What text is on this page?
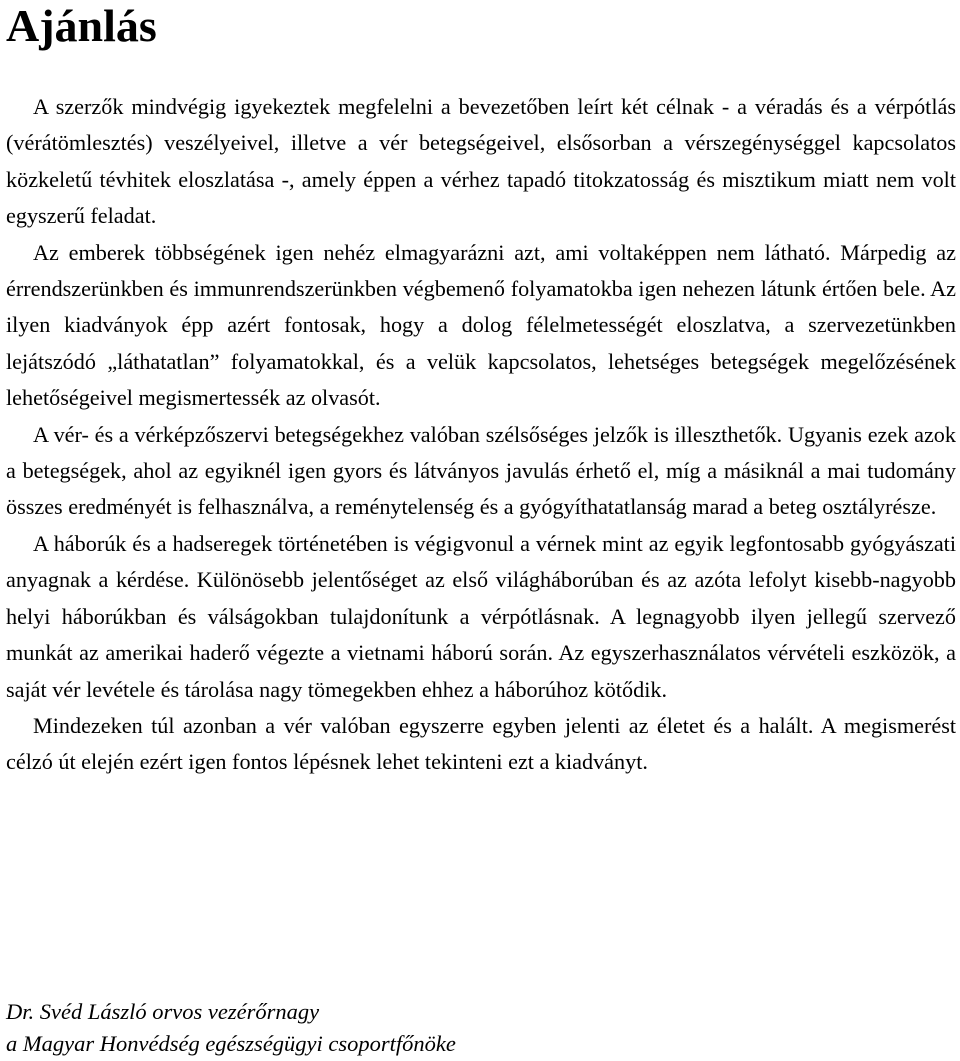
Ajánlás

A szerzők mindvégig igyekeztek megfelelni a bevezetőben leírt két célnak - a véradás és a vérpótlás (vérátömlesztés) veszélyeivel, illetve a vér betegségeivel, elsősorban a vérszegénységgel kapcsolatos közkeletű tévhitek eloszlatása -, amely éppen a vérhez tapadó titokzatosság és misztikum miatt nem volt egyszerű feladat.

Az emberek többségének igen nehéz elmagyarázni azt, ami voltaképpen nem látható. Márpedig az érrendszerünkben és immunrendszerünkben végbemenő folyamatokba igen nehezen látunk értően bele. Az ilyen kiadványok épp azért fontosak, hogy a dolog félelmetességét eloszlatva, a szervezetünkben lejátszódó „láthatatlan” folyamatokkal, és a velük kapcsolatos, lehetséges betegségek megelőzésének lehetőségeivel megismertessék az olvasót.

A vér- és a vérképzőszervi betegségekhez valóban szélsőséges jelzők is illeszthetők. Ugyanis ezek azok a betegségek, ahol az egyiknél igen gyors és látványos javulás érhető el, míg a másiknál a mai tudomány összes eredményét is felhasználva, a reménytelenség és a gyógyíthatatlanság marad a beteg osztályrésze.

A háborúk és a hadseregek történetében is végigvonul a vérnek mint az egyik legfontosabb gyógyászati anyagnak a kérdése. Különösebb jelentőséget az első világháborúban és az azóta lefolyt kisebb-nagyobb helyi háborúkban és válságokban tulajdonítunk a vérpótlásnak. A legnagyobb ilyen jellegű szervező munkát az amerikai haderő végezte a vietnami háború során. Az egyszerhasználatos vérvételi eszközök, a saját vér levétele és tárolása nagy tömegekben ehhez a háborúhoz kötődik.

Mindezeken túl azonban a vér valóban egyszerre egyben jelenti az életet és a halált. A megismerést célzó út elején ezért igen fontos lépésnek lehet tekinteni ezt a kiadványt.

Dr. Svéd László orvos vezérőrnagy
a Magyar Honvédség egészségügyi csoportfőnöke
